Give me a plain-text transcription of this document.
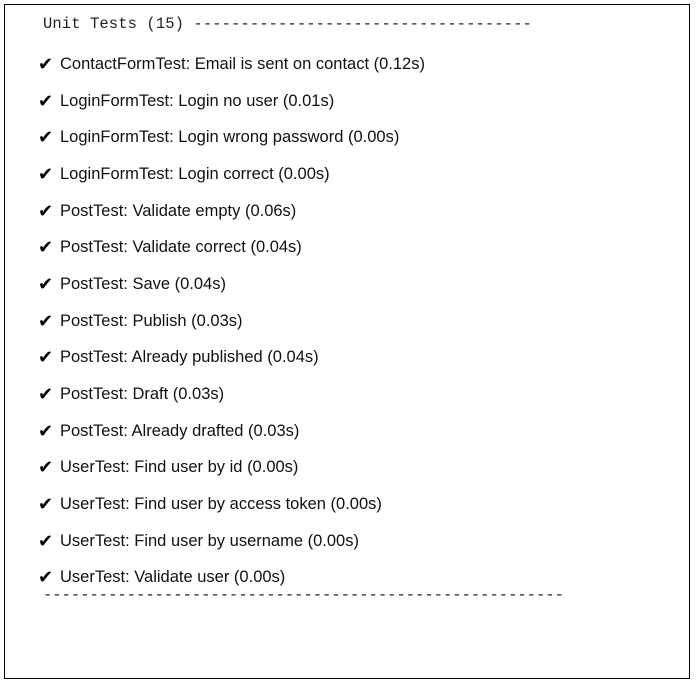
Unit Tests (15) ------------------------------------
✔ ContactFormTest: Email is sent on contact (0.12s)
✔ LoginFormTest: Login no user (0.01s)
✔ LoginFormTest: Login wrong password (0.00s)
✔ LoginFormTest: Login correct (0.00s)
✔ PostTest: Validate empty (0.06s)
✔ PostTest: Validate correct (0.04s)
✔ PostTest: Save (0.04s)
✔ PostTest: Publish (0.03s)
✔ PostTest: Already published (0.04s)
✔ PostTest: Draft (0.03s)
✔ PostTest: Already drafted (0.03s)
✔ UserTest: Find user by id (0.00s)
✔ UserTest: Find user by access token (0.00s)
✔ UserTest: Find user by username (0.00s)
✔ UserTest: Validate user (0.00s)
--------------------------------------------------------
